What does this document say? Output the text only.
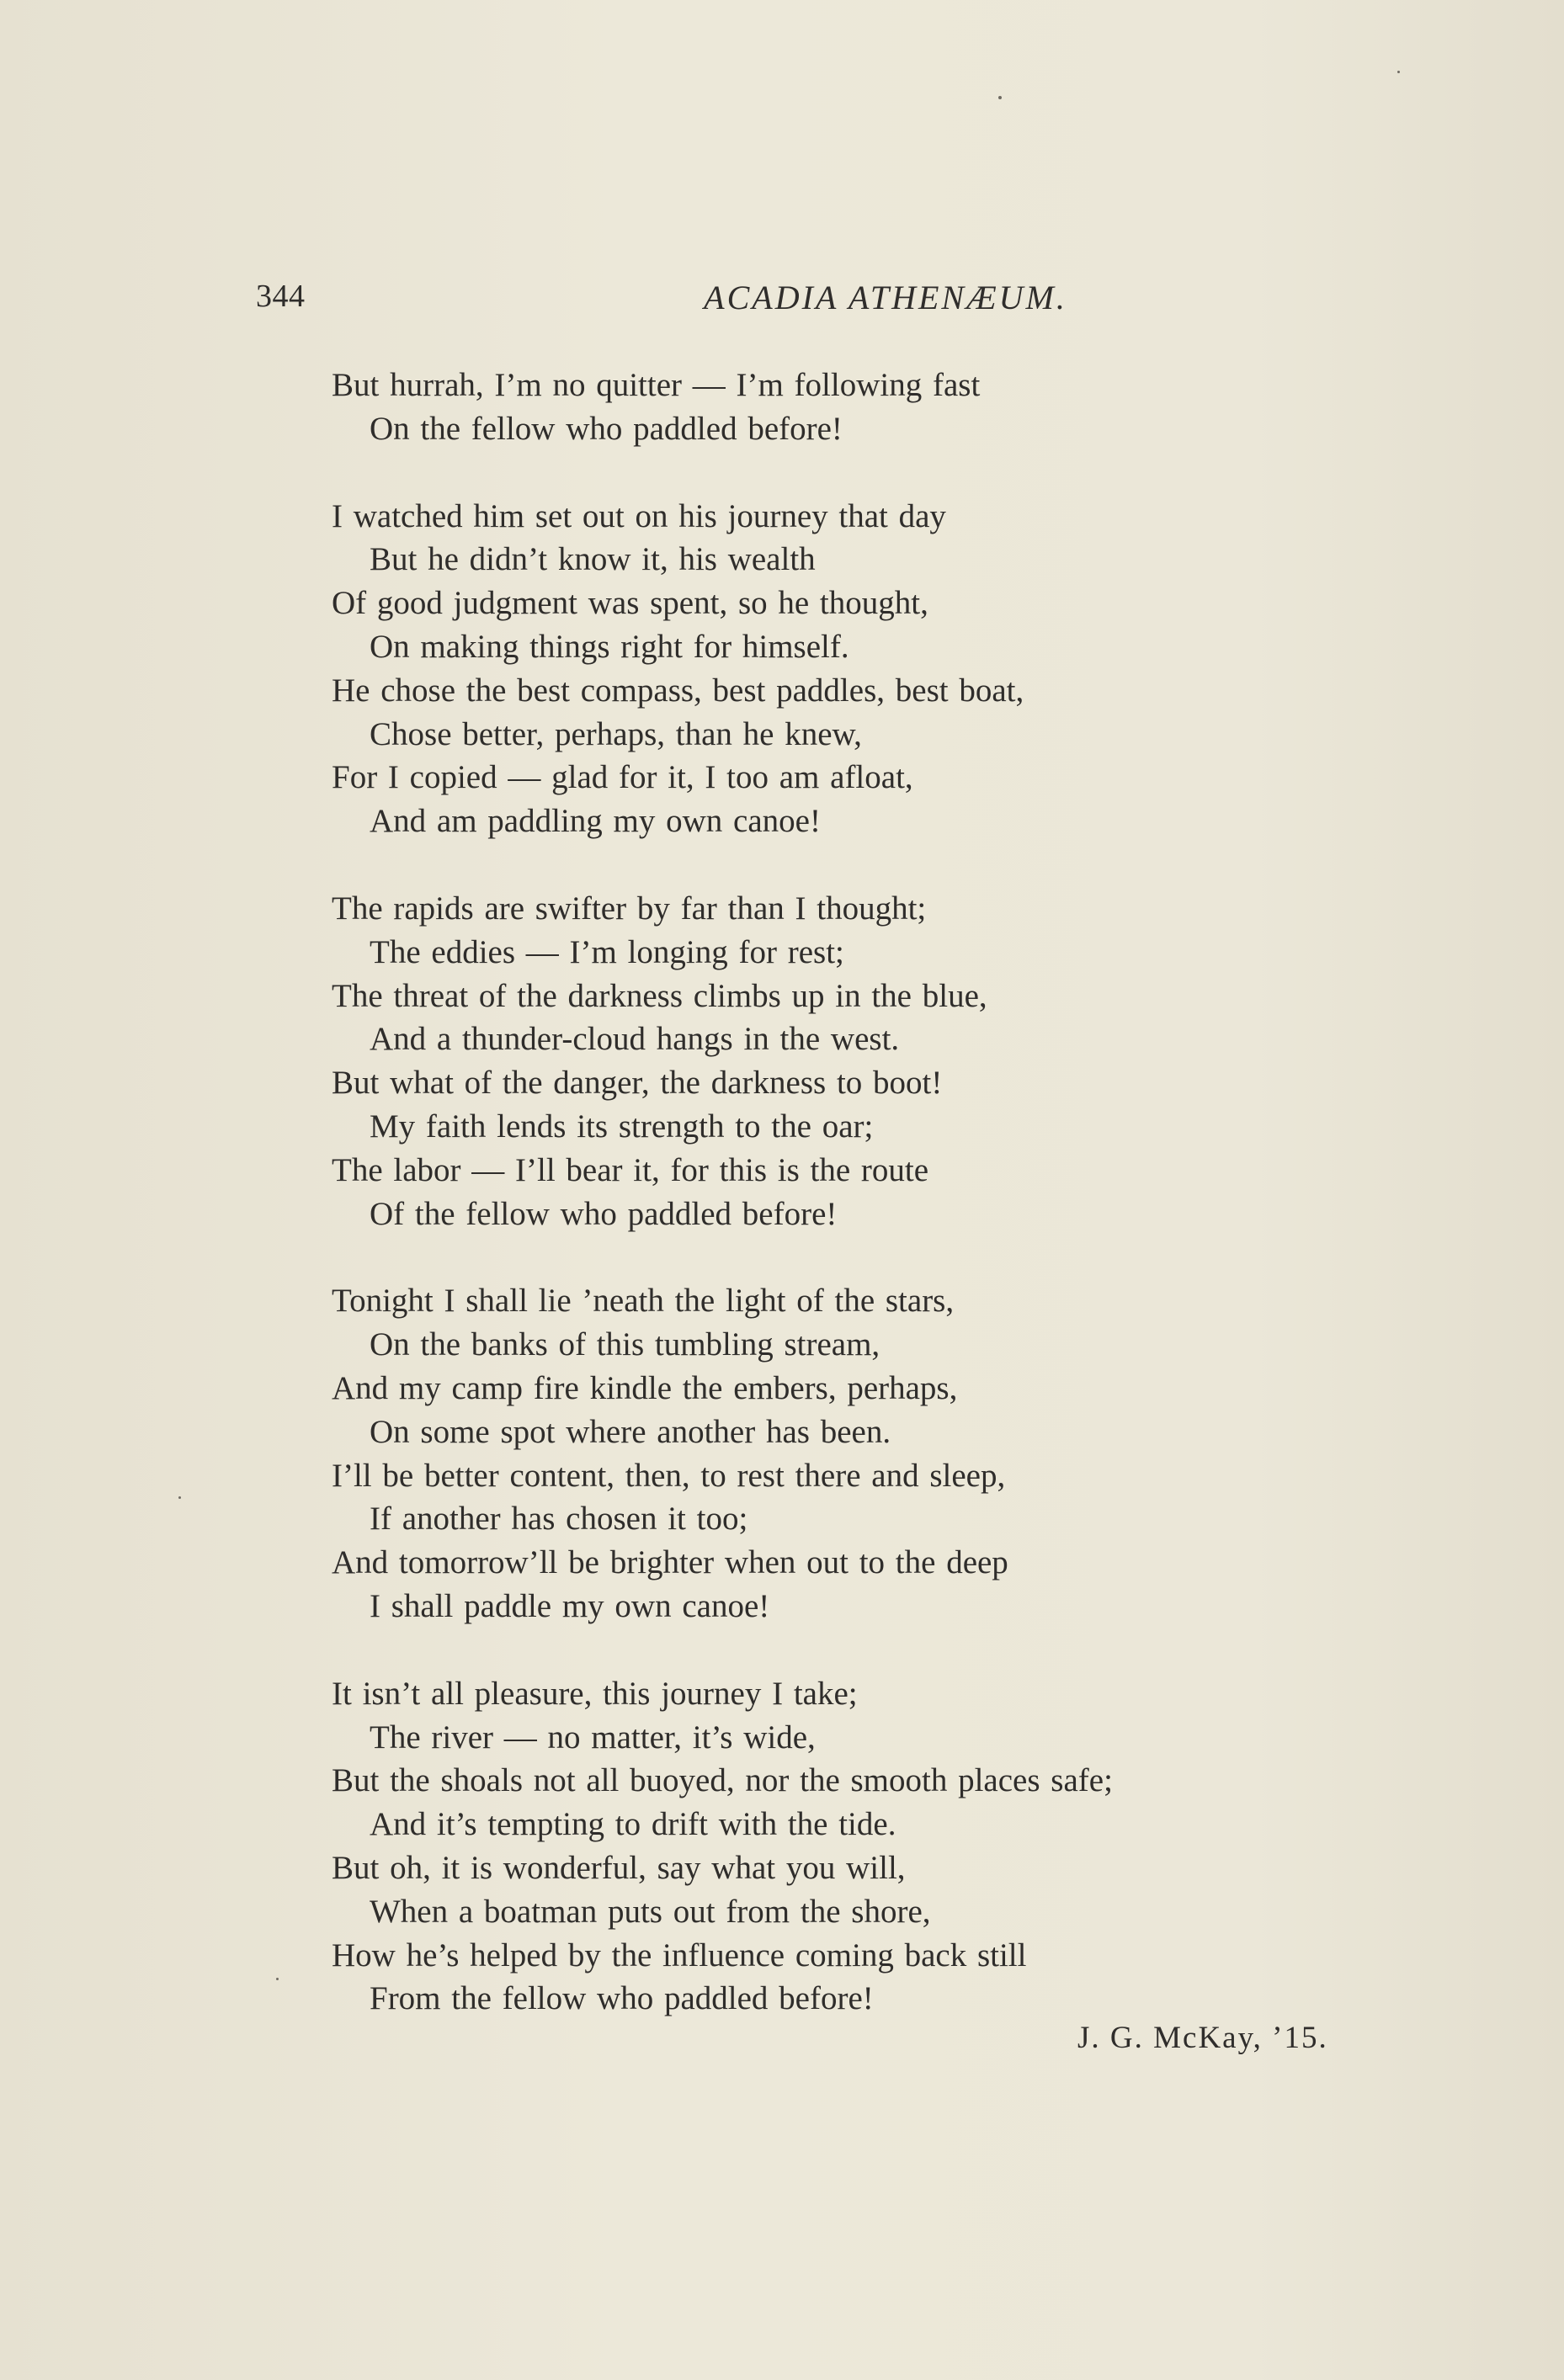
344	ACADIA ATHENÆUM.
But hurrah, I’m no quitter — I’m following fast
On the fellow who paddled before!
I watched him set out on his journey that day
But he didn’t know it, his wealth
Of good judgment was spent, so he thought,
On making things right for himself.
He chose the best compass, best paddles, best boat,
Chose better, perhaps, than he knew,
For I copied — glad for it, I too am afloat,
And am paddling my own canoe!
The rapids are swifter by far than I thought;
The eddies — I’m longing for rest;
The threat of the darkness climbs up in the blue,
And a thunder-cloud hangs in the west.
But what of the danger, the darkness to boot!
My faith lends its strength to the oar;
The labor — I’ll bear it, for this is the route
Of the fellow who paddled before!
Tonight I shall lie ’neath the light of the stars,
On the banks of this tumbling stream,
And my camp fire kindle the embers, perhaps,
On some spot where another has been.
I’ll be better content, then, to rest there and sleep,
If another has chosen it too;
And tomorrow’ll be brighter when out to the deep
I shall paddle my own canoe!
It isn’t all pleasure, this journey I take;
The river — no matter, it’s wide,
But the shoals not all buoyed, nor the smooth places safe;
And it’s tempting to drift with the tide.
But oh, it is wonderful, say what you will,
When a boatman puts out from the shore,
How he’s helped by the influence coming back still
From the fellow who paddled before!
J. G. McKay, ’15.
